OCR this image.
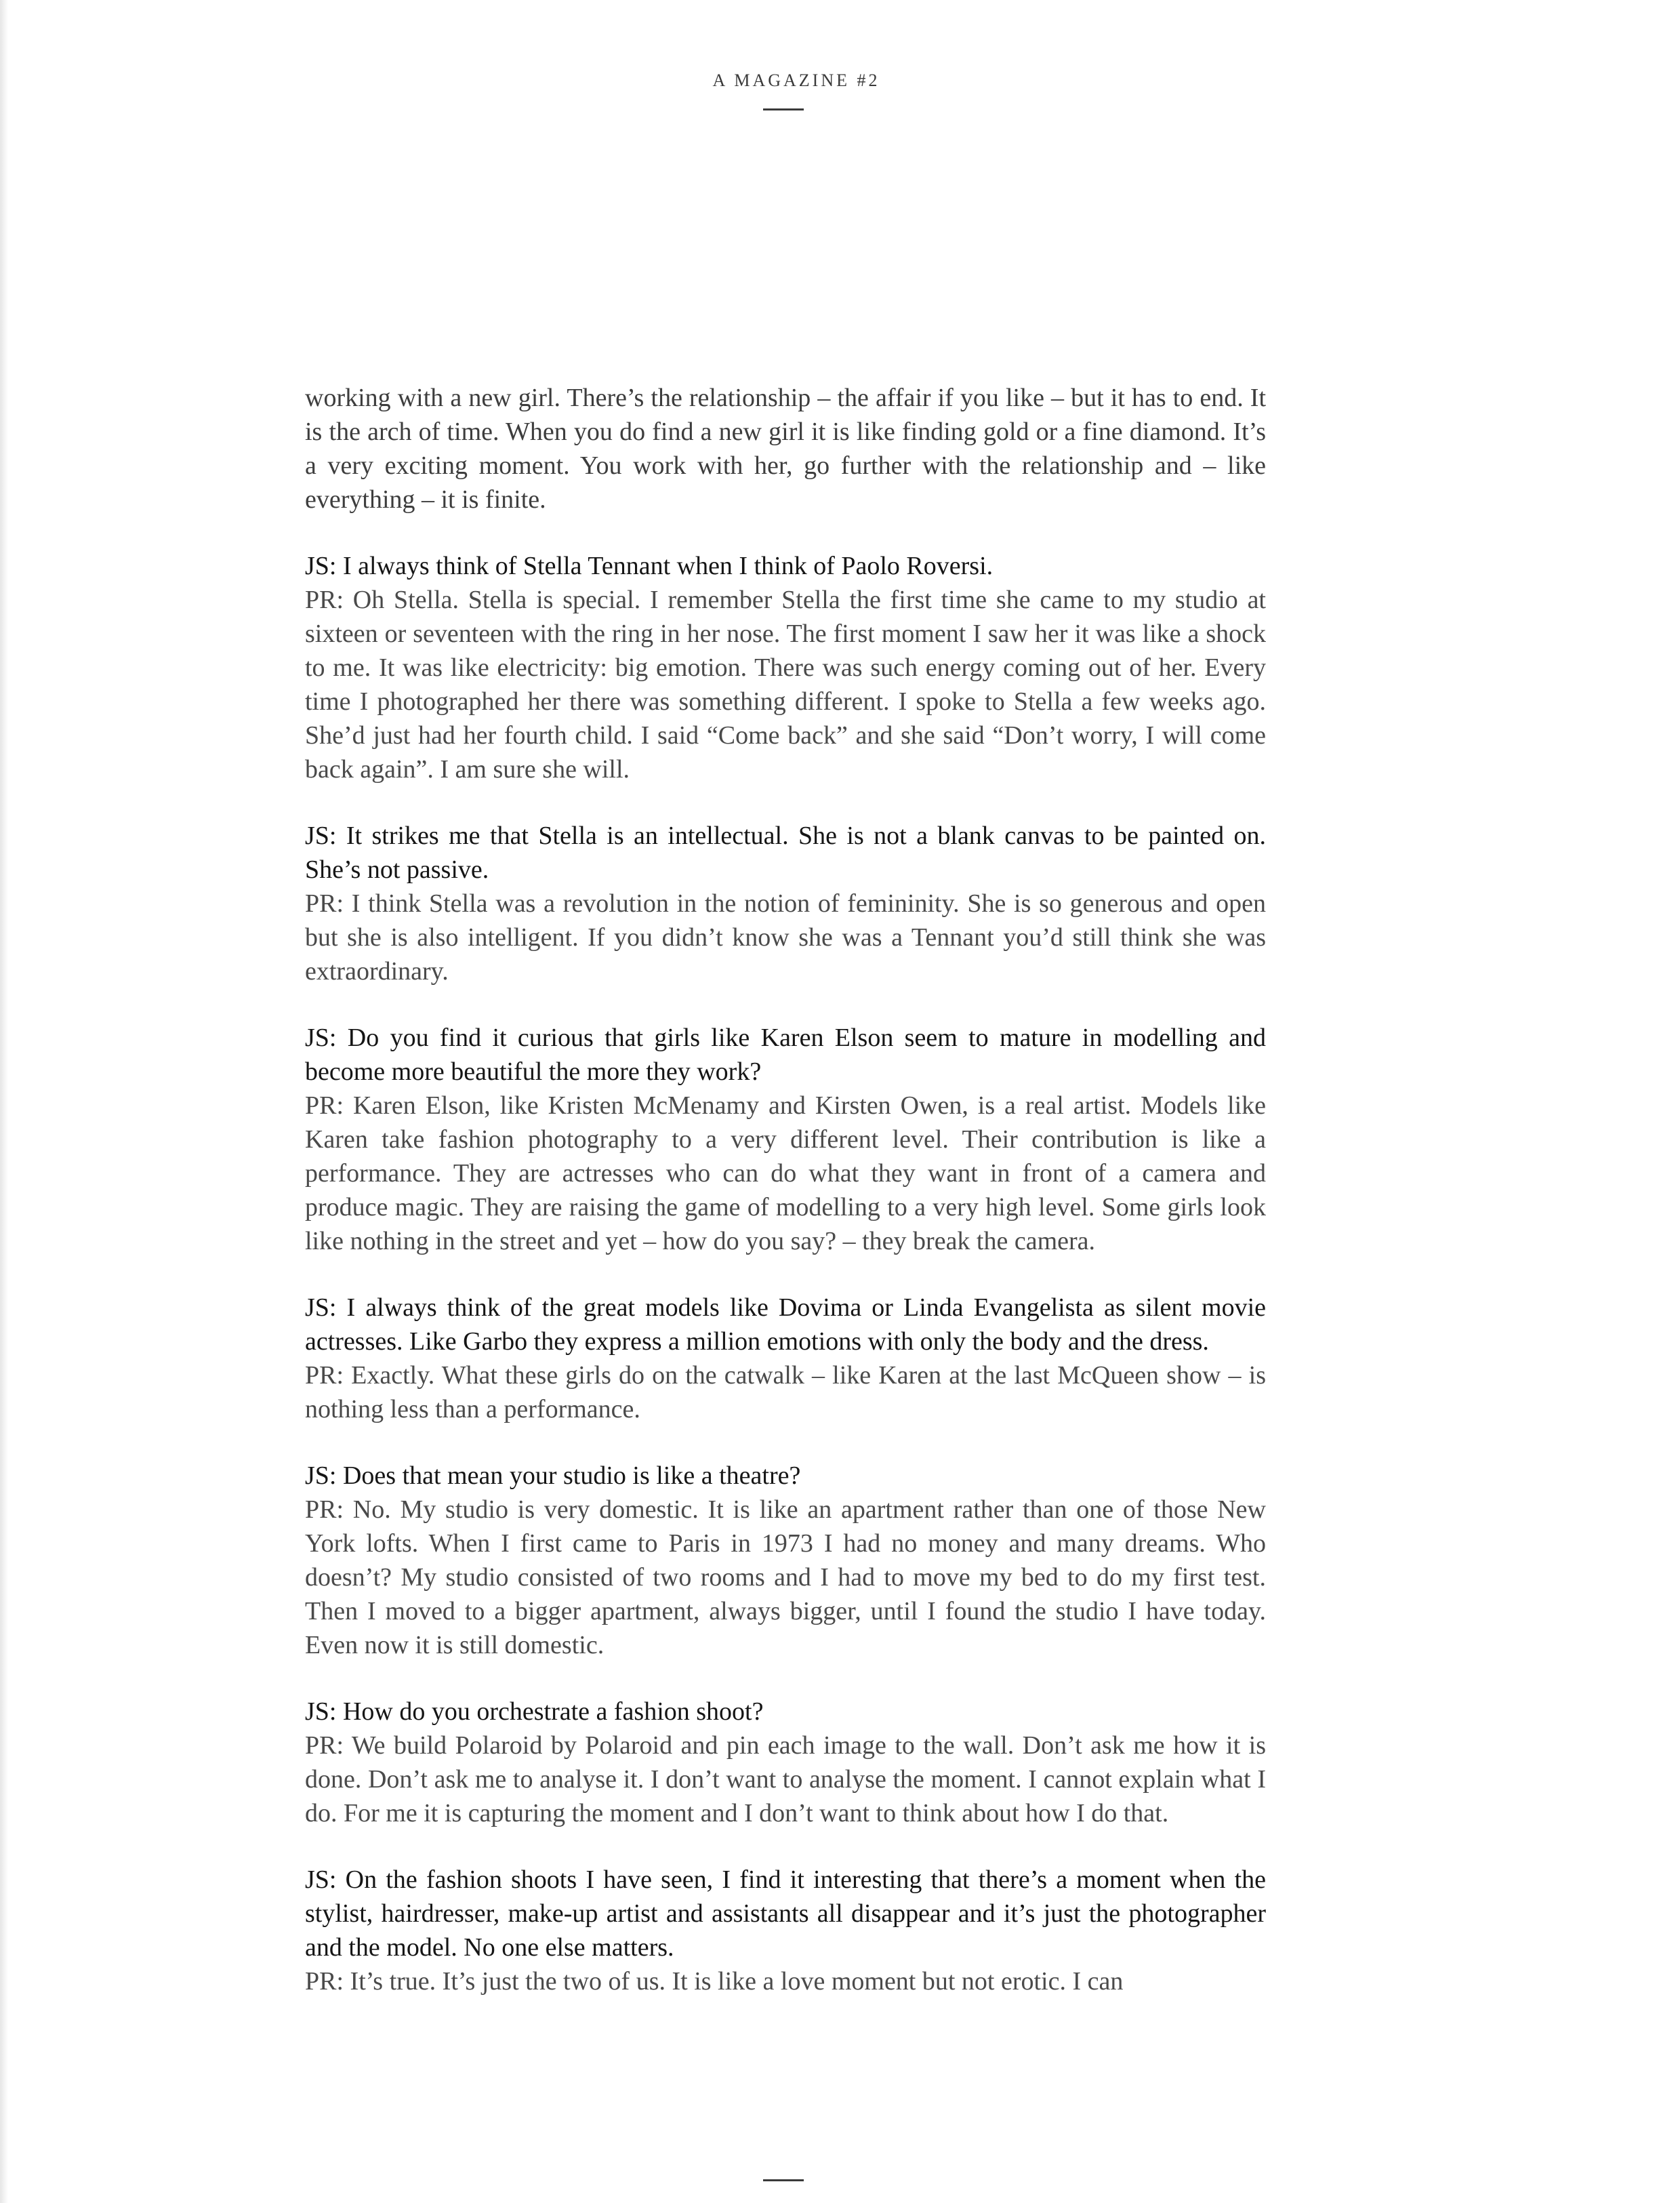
A MAGAZINE #2

working with a new girl. There’s the relationship – the affair if you like – but it has to end. It is the arch of time. When you do find a new girl it is like finding gold or a fine diamond. It’s a very exciting moment. You work with her, go further with the relationship and – like everything – it is finite.

JS: I always think of Stella Tennant when I think of Paolo Roversi.

PR: Oh Stella. Stella is special. I remember Stella the first time she came to my studio at sixteen or seventeen with the ring in her nose. The first moment I saw her it was like a shock to me. It was like electricity: big emotion. There was such energy coming out of her. Every time I photographed her there was something different. I spoke to Stella a few weeks ago. She’d just had her fourth child. I said “Come back” and she said “Don’t worry, I will come back again”. I am sure she will.

JS: It strikes me that Stella is an intellectual. She is not a blank canvas to be painted on. She’s not passive.

PR: I think Stella was a revolution in the notion of femininity. She is so generous and open but she is also intelligent. If you didn’t know she was a Tennant you’d still think she was extraordinary.

JS: Do you find it curious that girls like Karen Elson seem to mature in modelling and become more beautiful the more they work?

PR: Karen Elson, like Kristen McMenamy and Kirsten Owen, is a real artist. Models like Karen take fashion photography to a very different level. Their contribution is like a performance. They are actresses who can do what they want in front of a camera and produce magic. They are raising the game of modelling to a very high level. Some girls look like nothing in the street and yet – how do you say? – they break the camera.

JS: I always think of the great models like Dovima or Linda Evangelista as silent movie actresses. Like Garbo they express a million emotions with only the body and the dress.

PR: Exactly. What these girls do on the catwalk – like Karen at the last McQueen show – is nothing less than a performance.

JS: Does that mean your studio is like a theatre?

PR: No. My studio is very domestic. It is like an apartment rather than one of those New York lofts. When I first came to Paris in 1973 I had no money and many dreams. Who doesn’t? My studio consisted of two rooms and I had to move my bed to do my first test. Then I moved to a bigger apartment, always bigger, until I found the studio I have today. Even now it is still domestic.

JS: How do you orchestrate a fashion shoot?

PR: We build Polaroid by Polaroid and pin each image to the wall. Don’t ask me how it is done. Don’t ask me to analyse it. I don’t want to analyse the moment. I cannot explain what I do. For me it is capturing the moment and I don’t want to think about how I do that.

JS: On the fashion shoots I have seen, I find it interesting that there’s a moment when the stylist, hairdresser, make-up artist and assistants all disappear and it’s just the photographer and the model. No one else matters.

PR: It’s true. It’s just the two of us. It is like a love moment but not erotic. I can
